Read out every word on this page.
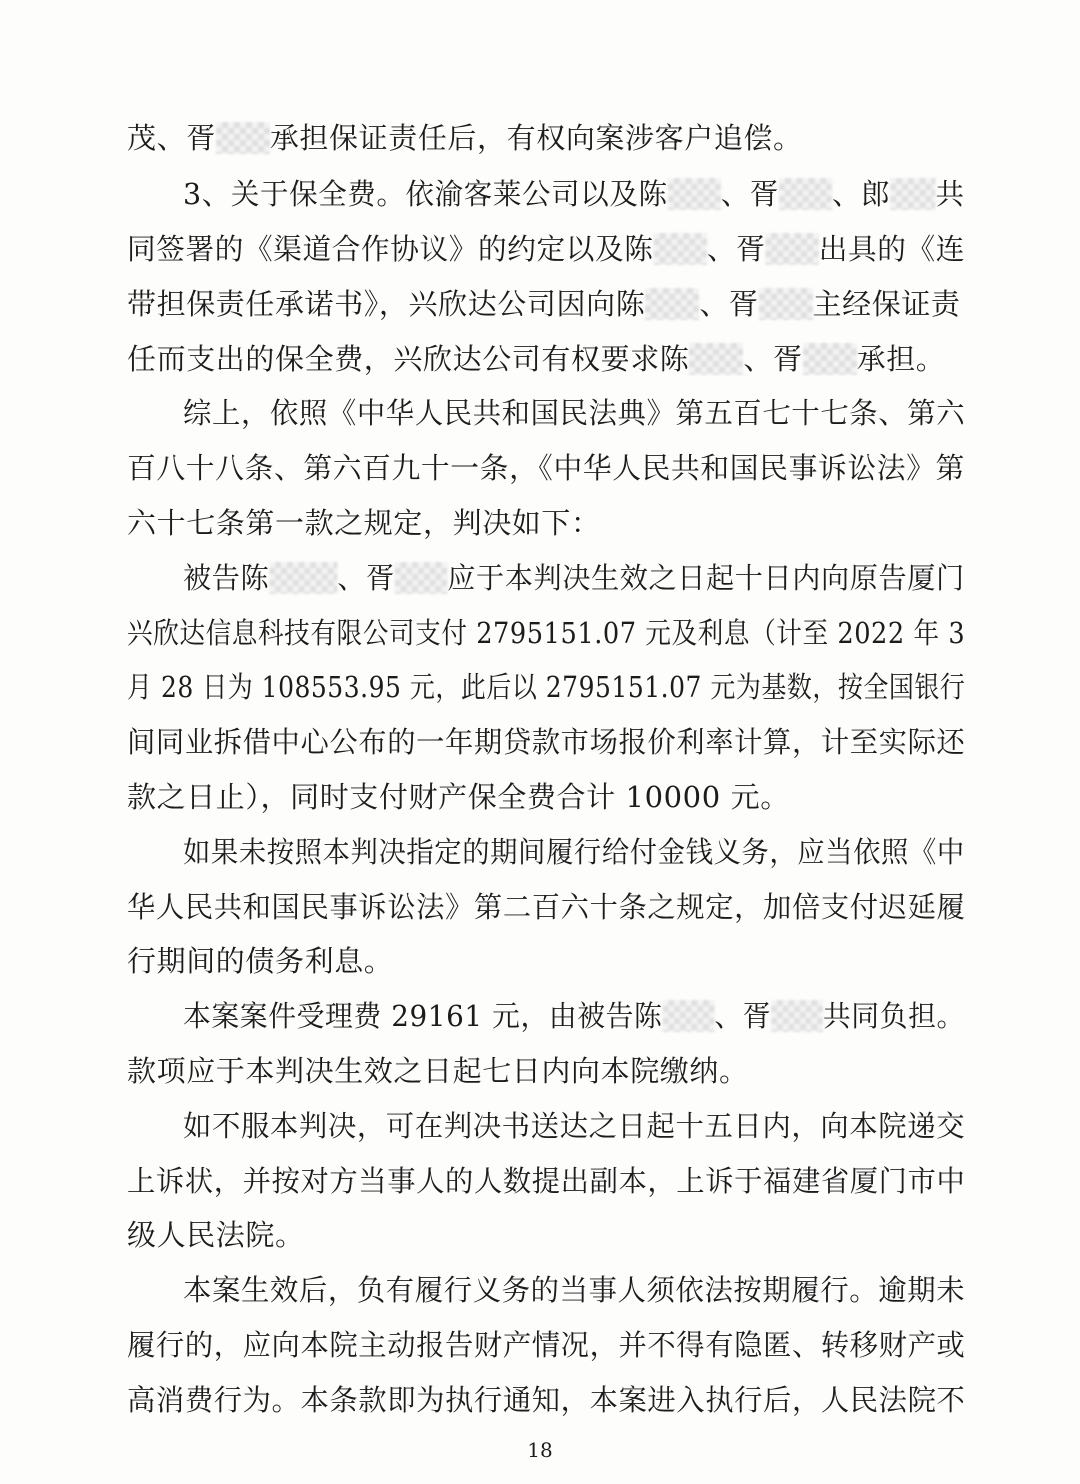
茂、胥 承担保证责任后，有权向案涉客户追偿。
3、关于保全费。依渝客莱公司以及陈 、胥 、郎 共
同签署的《渠道合作协议》的约定以及陈 、胥 出具的《连
带担保责任承诺书》，兴欣达公司因向陈 、胥 主经保证责
任而支出的保全费，兴欣达公司有权要求陈 、胥 承担。
综上，依照《中华人民共和国民法典》第五百七十七条、第六
百八十八条、第六百九十一条，《中华人民共和国民事诉讼法》第
六十七条第一款之规定，判决如下：
被告陈 、胥 应于本判决生效之日起十日内向原告厦门
兴欣达信息科技有限公司支付 2795151.07 元及利息（计至 2022 年 3
月 28 日为 108553.95 元，此后以 2795151.07 元为基数，按全国银行
间同业拆借中心公布的一年期贷款市场报价利率计算，计至实际还
款之日止），同时支付财产保全费合计 10000 元。
如果未按照本判决指定的期间履行给付金钱义务，应当依照《中
华人民共和国民事诉讼法》第二百六十条之规定，加倍支付迟延履
行期间的债务利息。
本案案件受理费 29161 元，由被告陈 、胥 共同负担。
款项应于本判决生效之日起七日内向本院缴纳。
如不服本判决，可在判决书送达之日起十五日内，向本院递交
上诉状，并按对方当事人的人数提出副本，上诉于福建省厦门市中
级人民法院。
本案生效后，负有履行义务的当事人须依法按期履行。逾期未
履行的，应向本院主动报告财产情况，并不得有隐匿、转移财产或
高消费行为。本条款即为执行通知，本案进入执行后，人民法院不
18
